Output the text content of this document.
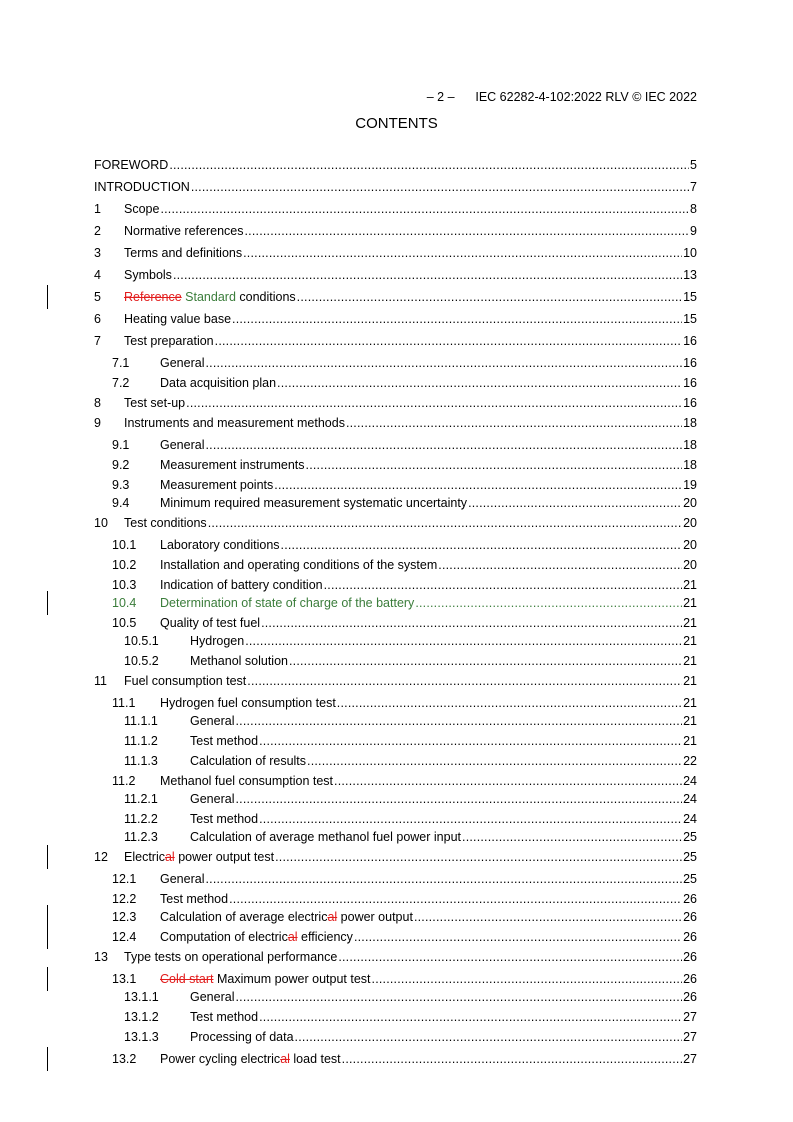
– 2 – IEC 62282-4-102:2022 RLV © IEC 2022

CONTENTS
FOREWORD .....	5
INTRODUCTION .....	7
1 Scope .....	8
2 Normative references .....	9
3 Terms and definitions .....	10
4 Symbols .....	13
5 Reference Standard conditions .....	15
6 Heating value base .....	15
7 Test preparation .....	16
7.1 General .....	16
7.2 Data acquisition plan .....	16
8 Test set-up .....	16
9 Instruments and measurement methods .....	18
9.1 General .....	18
9.2 Measurement instruments .....	18
9.3 Measurement points .....	19
9.4 Minimum required measurement systematic uncertainty .....	20
10 Test conditions .....	20
10.1 Laboratory conditions .....	20
10.2 Installation and operating conditions of the system .....	20
10.3 Indication of battery condition .....	21
10.4 Determination of state of charge of the battery .....	21
10.5 Quality of test fuel .....	21
10.5.1 Hydrogen .....	21
10.5.2 Methanol solution .....	21
11 Fuel consumption test .....	21
11.1 Hydrogen fuel consumption test .....	21
11.1.1	General .....	21
11.1.2	Test method .....	21
11.1.3	Calculation of results .....	22
11.2 Methanol fuel consumption test .....	24
11.2.1	General .....	24
11.2.2	Test method .....	24
11.2.3	Calculation of average methanol fuel power input .....	25
12 Electrical power output test .....	25
12.1 General .....	25
12.2 Test method .....	26
12.3 Calculation of average electrical power output .....	26
12.4 Computation of electrical efficiency .....	26
13 Type tests on operational performance .....	26
13.1 Cold start Maximum power output test .....	26
13.1.1 General .....	26
13.1.2 Test method .....	27
13.1.3 Processing of data .....	27
13.2 Power cycling electrical load test .....	27
